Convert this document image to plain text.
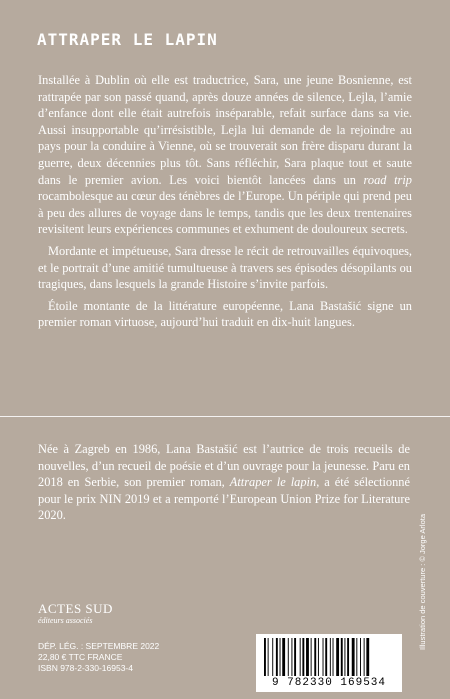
ATTRAPER LE LAPIN

Installée à Dublin où elle est traductrice, Sara, une jeune Bosnienne, est rattrapée par son passé quand, après douze années de silence, Lejla, l’amie d’enfance dont elle était autrefois inséparable, refait surface dans sa vie. Aussi insupportable qu’irrésistible, Lejla lui demande de la rejoindre au pays pour la conduire à Vienne, où se trouverait son frère disparu durant la guerre, deux décennies plus tôt. Sans réfléchir, Sara plaque tout et saute dans le premier avion. Les voici bientôt lancées dans un road trip rocambolesque au cœur des ténèbres de l’Europe. Un périple qui prend peu à peu des allures de voyage dans le temps, tandis que les deux trentenaires revisitent leurs expériences communes et exhument de douloureux secrets.

Mordante et impétueuse, Sara dresse le récit de retrouvailles équivoques, et le portrait d’une amitié tumultueuse à travers ses épisodes désopilants ou tragiques, dans lesquels la grande Histoire s’invite parfois.

Étoile montante de la littérature européenne, Lana Bastašić signe un premier roman virtuose, aujourd’hui traduit en dix-huit langues.

Née à Zagreb en 1986, Lana Bastašić est l’autrice de trois recueils de nouvelles, d’un recueil de poésie et d’un ouvrage pour la jeunesse. Paru en 2018 en Serbie, son premier roman, Attraper le lapin, a été sélectionné pour le prix NIN 2019 et a remporté l’European Union Prize for Literature 2020.

ACTES SUD
éditeurs associés
DÉP. LÉG. : SEPTEMBRE 2022
22,80 € TTC FRANCE
ISBN 978-2-330-16953-4
9 782330 169534
Illustration de couverture : © Jorge Arlota
